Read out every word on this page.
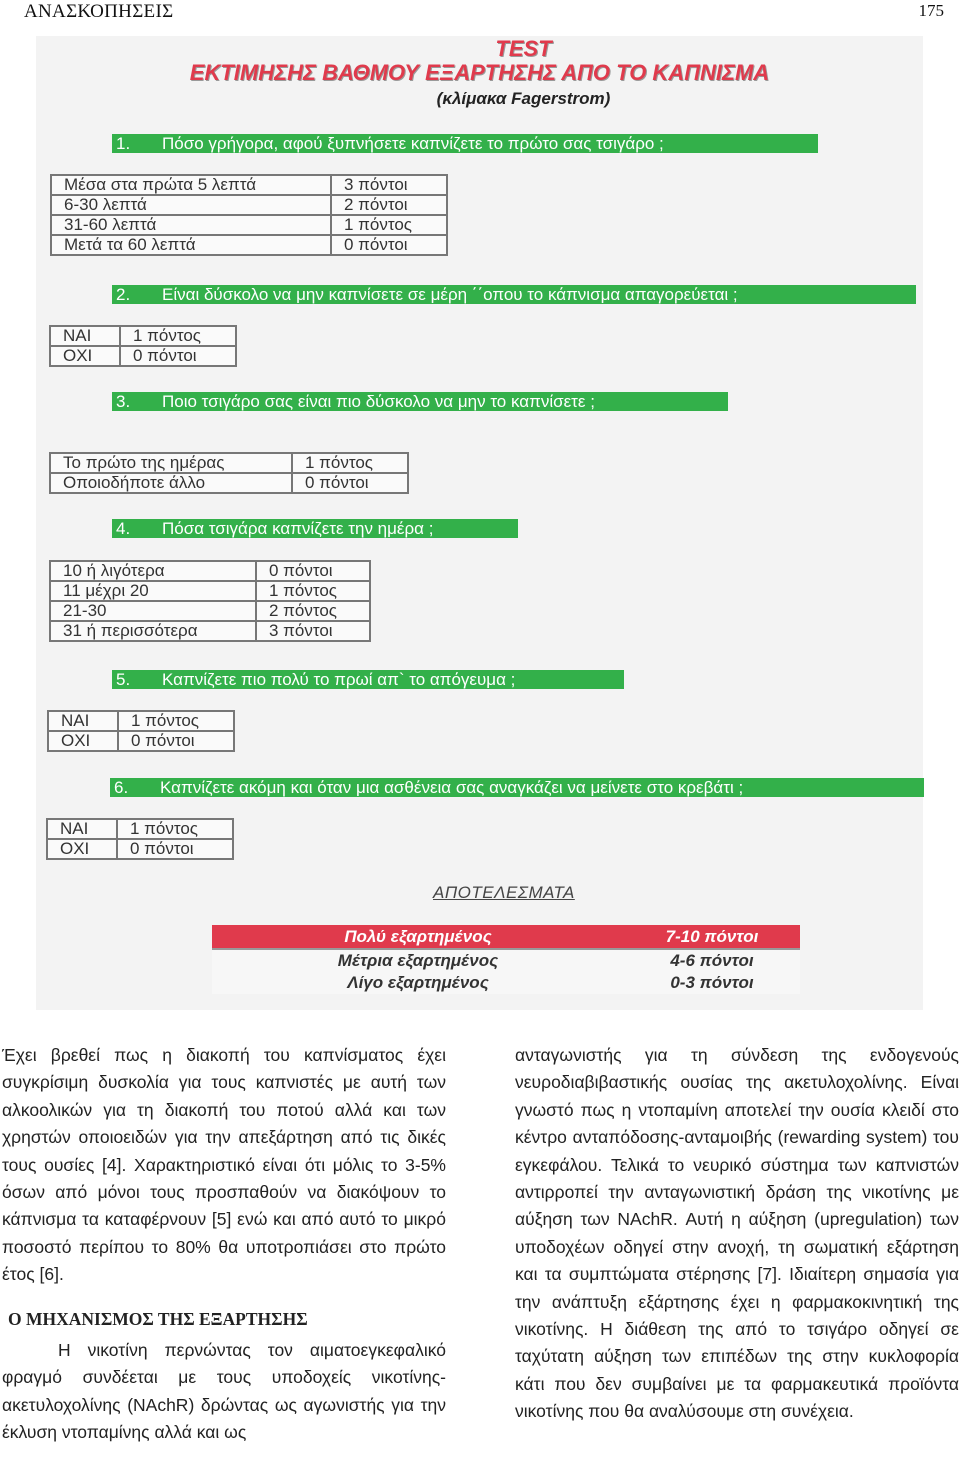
ΑΝΑΣΚΟΠΗΣΕΙΣ	175
TEST
ΕΚΤΙΜΗΣΗΣ ΒΑΘΜΟΥ ΕΞΑΡΤΗΣΗΣ ΑΠΟ ΤΟ ΚΑΠΝΙΣΜΑ
(κλίμακα Fagerstrom)
1. Πόσο γρήγορα, αφού ξυπνήσετε καπνίζετε το πρώτο σας τσιγάρο ;
Μέσα στα πρώτα 5 λεπτά	3 πόντοι
6-30 λεπτά	2 πόντοι
31-60 λεπτά	1 πόντος
Μετά τα 60 λεπτά	0 πόντοι
2. Είναι δύσκολο να μην καπνίσετε σε μέρη ΄΄οπου το κάπνισμα απαγορεύεται ;
ΝΑΙ	1 πόντος
ΟΧΙ	0 πόντοι
3. Ποιο τσιγάρο σας είναι πιο δύσκολο να μην το καπνίσετε ;
Το πρώτο της ημέρας	1 πόντος
Οποιοδήποτε άλλο	0 πόντοι
4. Πόσα τσιγάρα καπνίζετε την ημέρα ;
10 ή λιγότερα	0 πόντοι
11 μέχρι 20	1 πόντος
21-30	2 πόντος
31 ή περισσότερα	3 πόντοι
5. Καπνίζετε πιο πολύ το πρωί απ` το απόγευμα ;
ΝΑΙ	1 πόντος
ΟΧΙ	0 πόντοι
6. Καπνίζετε ακόμη και όταν μια ασθένεια σας αναγκάζει να μείνετε στο κρεβάτι ;
ΝΑΙ	1 πόντος
ΟΧΙ	0 πόντοι
ΑΠΟΤΕΛΕΣΜΑΤΑ
Πολύ εξαρτημένος	7-10 πόντοι
Μέτρια εξαρτημένος	4-6 πόντοι
Λίγο εξαρτημένος	0-3 πόντοι

Έχει βρεθεί πως η διακοπή του καπνίσματος έχει συγκρίσιμη δυσκολία για τους καπνιστές με αυτή των αλκοολικών για τη διακοπή του ποτού αλλά και των χρηστών οποιοειδών για την απεξάρτηση από τις δικές τους ουσίες [4]. Χαρακτηριστικό είναι ότι μόλις το 3-5% όσων από μόνοι τους προσπαθούν να διακόψουν το κάπνισμα τα καταφέρνουν [5] ενώ και από αυτό το μικρό ποσοστό περίπου το 80% θα υποτροπιάσει στο πρώτο έτος [6].

Ο ΜΗΧΑΝΙΣΜΟΣ ΤΗΣ ΕΞΑΡΤΗΣΗΣ

Η νικοτίνη περνώντας τον αιματοεγκεφαλικό φραγμό συνδέεται με τους υποδοχείς νικοτίνης-ακετυλοχολίνης (NAchR) δρώντας ως αγωνιστής για την έκλυση ντοπαμίνης αλλά και ως

ανταγωνιστής για τη σύνδεση της ενδογενούς νευροδιαβιβαστικής ουσίας της ακετυλοχολίνης. Είναι γνωστό πως η ντοπαμίνη αποτελεί την ουσία κλειδί στο κέντρο ανταπόδοσης-ανταμοιβής (rewarding system) του εγκεφάλου. Τελικά το νευρικό σύστημα των καπνιστών αντιρροπεί την ανταγωνιστική δράση της νικοτίνης με αύξηση των NAchR. Αυτή η αύξηση (upregulation) των υποδοχέων οδηγεί στην ανοχή, τη σωματική εξάρτηση και τα συμπτώματα στέρησης [7]. Ιδιαίτερη σημασία για την ανάπτυξη εξάρτησης έχει η φαρμακοκινητική της νικοτίνης. Η διάθεση της από το τσιγάρο οδηγεί σε ταχύτατη αύξηση των επιπέδων της στην κυκλοφορία κάτι που δεν συμβαίνει με τα φαρμακευτικά προϊόντα νικοτίνης που θα αναλύσουμε στη συνέχεια.
